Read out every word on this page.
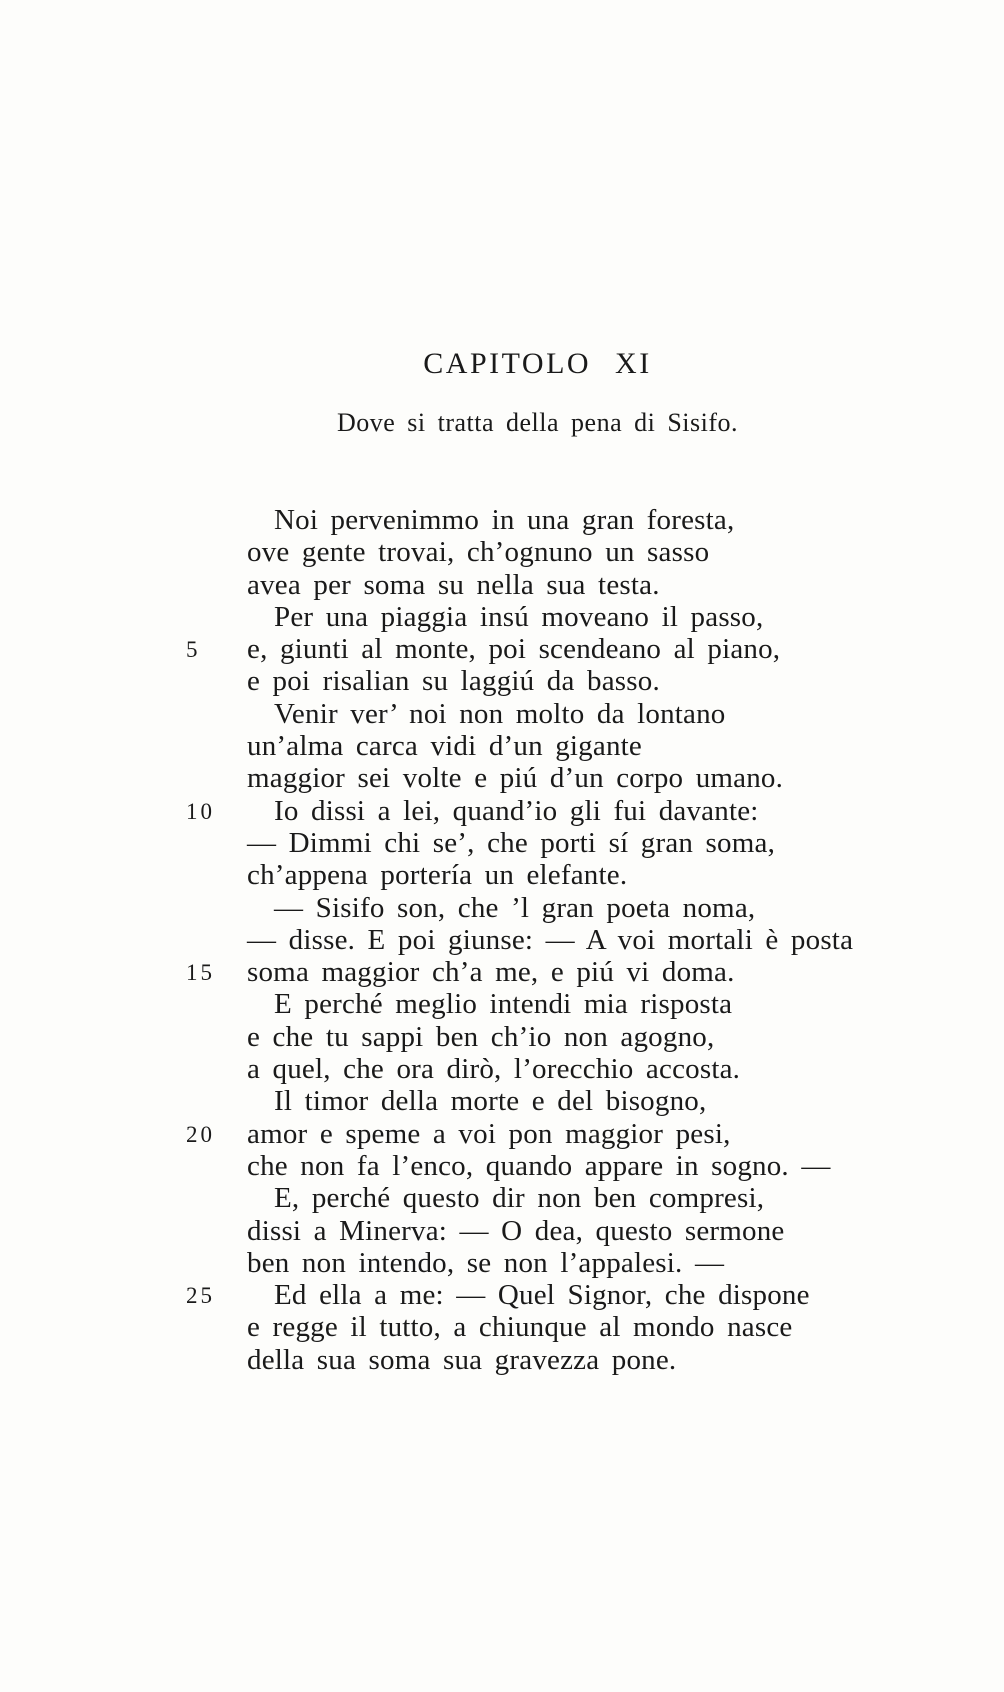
CAPITOLO XI
Dove si tratta della pena di Sisifo.
Noi pervenimmo in una gran foresta,
ove gente trovai, ch’ognuno un sasso
avea per soma su nella sua testa.
Per una piaggia insú moveano il passo,
5	e, giunti al monte, poi scendeano al piano,
e poi risalian su laggiú da basso.
Venir ver’ noi non molto da lontano
un’alma carca vidi d’un gigante
maggior sei volte e piú d’un corpo umano.
10	Io dissi a lei, quand’io gli fui davante:
— Dimmi chi se’, che porti sí gran soma,
ch’appena portería un elefante.
— Sisifo son, che ’l gran poeta noma,
— disse. E poi giunse: — A voi mortali è posta
15	soma maggior ch’a me, e piú vi doma.
E perché meglio intendi mia risposta
e che tu sappi ben ch’io non agogno,
a quel, che ora dirò, l’orecchio accosta.
Il timor della morte e del bisogno,
20	amor e speme a voi pon maggior pesi,
che non fa l’enco, quando appare in sogno. —
E, perché questo dir non ben compresi,
dissi a Minerva: — O dea, questo sermone
ben non intendo, se non l’appalesi. —
25	Ed ella a me: — Quel Signor, che dispone
e regge il tutto, a chiunque al mondo nasce
della sua soma sua gravezza pone.
